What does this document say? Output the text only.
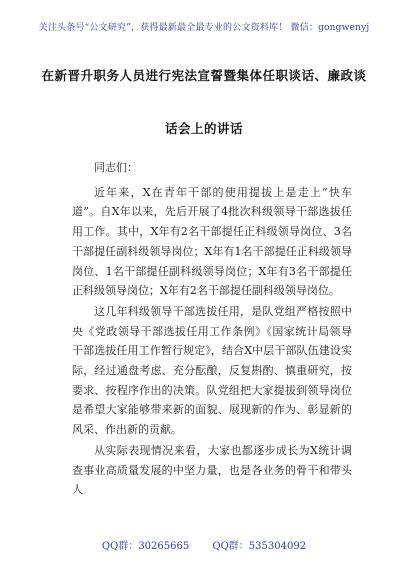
关注头条号“公文研究”，获得最新最全最专业的公文资料库！ 微信：gongwenyj
在新晋升职务人员进行宪法宣誓暨集体任职谈话、廉政谈
话会上的讲话

同志们：

近年来，X在青年干部的使用提拔上是走上“快车道”。自X年以来，先后开展了4批次科级领导干部选拔任用工作。其中，X年有2名干部提任正科级领导岗位、3名干部提任副科级领导岗位；X年有1名干部提任正科级领导岗位、1名干部提任副科级领导岗位；X年有3名干部提任正科级领导岗位；X年有2名干部提任副科级领导岗位。

这几年科级领导干部选拔任用，是队党组严格按照中央《党政领导干部选拔任用工作条例》《国家统计局领导干部选拔任用工作暂行规定》，结合X中层干部队伍建设实际，经过通盘考虑、充分酝酿，反复斟酌、慎重研究，按要求、按程序作出的决策。队党组把大家提拔到领导岗位是希望大家能够带来新的面貌、展现新的作为、彰显新的风采、作出新的贡献。

从实际表现情况来看，大家也都逐步成长为X统计调查事业高质量发展的中坚力量，也是各业务的骨干和带头人

QQ群：30265665 QQ群：535304092
